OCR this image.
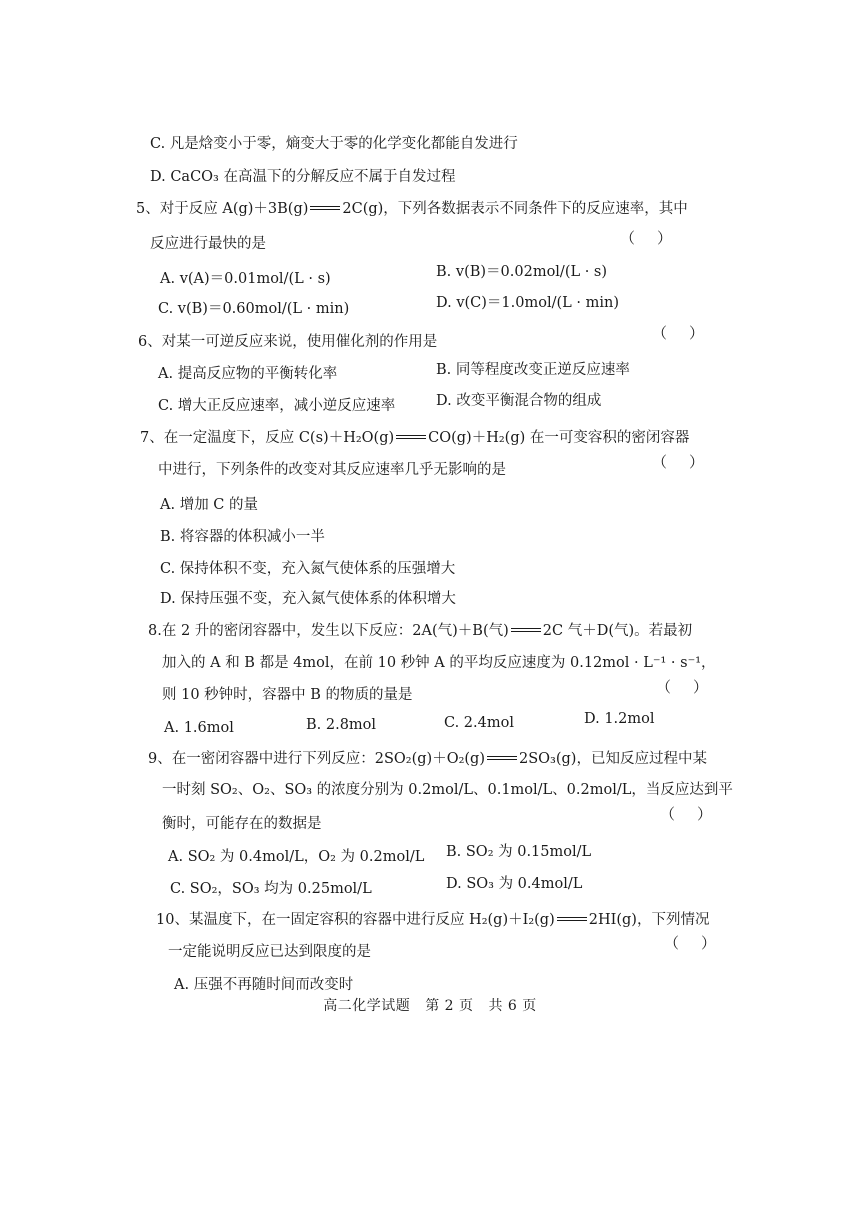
C. 凡是焓变小于零，熵变大于零的化学变化都能自发进行
D. CaCO₃ 在高温下的分解反应不属于自发过程
5、对于反应 A(g)＋3B(g) 2C(g)，下列各数据表示不同条件下的反应速率，其中
反应进行最快的是	（）
A. v(A)＝0.01mol/(L · s)	B. v(B)＝0.02mol/(L · s)
C. v(B)＝0.60mol/(L · min)	D. v(C)＝1.0mol/(L · min)
6、对某一可逆反应来说，使用催化剂的作用是	（）
A. 提高反应物的平衡转化率	B. 同等程度改变正逆反应速率
C. 增大正反应速率，减小逆反应速率	D. 改变平衡混合物的组成
7、在一定温度下，反应 C(s)＋H₂O(g) CO(g)＋H₂(g) 在一可变容积的密闭容器
中进行，下列条件的改变对其反应速率几乎无影响的是	（）
A. 增加 C 的量
B. 将容器的体积减小一半
C. 保持体积不变，充入氮气使体系的压强增大
D. 保持压强不变，充入氮气使体系的体积增大
8.在 2 升的密闭容器中，发生以下反应：2A(气)＋B(气) 2C 气＋D(气)。若最初
加入的 A 和 B 都是 4mol，在前 10 秒钟 A 的平均反应速度为 0.12mol · L⁻¹ · s⁻¹，
则 10 秒钟时，容器中 B 的物质的量是	（）
A. 1.6mol	B. 2.8mol	C. 2.4mol	D. 1.2mol
9、在一密闭容器中进行下列反应：2SO₂(g)＋O₂(g) 2SO₃(g)，已知反应过程中某
一时刻 SO₂、O₂、SO₃ 的浓度分别为 0.2mol/L、0.1mol/L、0.2mol/L，当反应达到平
衡时，可能存在的数据是
（）
A. SO₂ 为 0.4mol/L，O₂ 为 0.2mol/L B. SO₂ 为 0.15mol/L
C. SO₂，SO₃ 均为 0.25mol/L	D. SO₃ 为 0.4mol/L
10、某温度下，在一固定容积的容器中进行反应 H₂(g)＋I₂(g) 2HI(g)，下列情况
一定能说明反应已达到限度的是	（）
A. 压强不再随时间而改变时
高二化学试题 第 2 页 共 6 页
